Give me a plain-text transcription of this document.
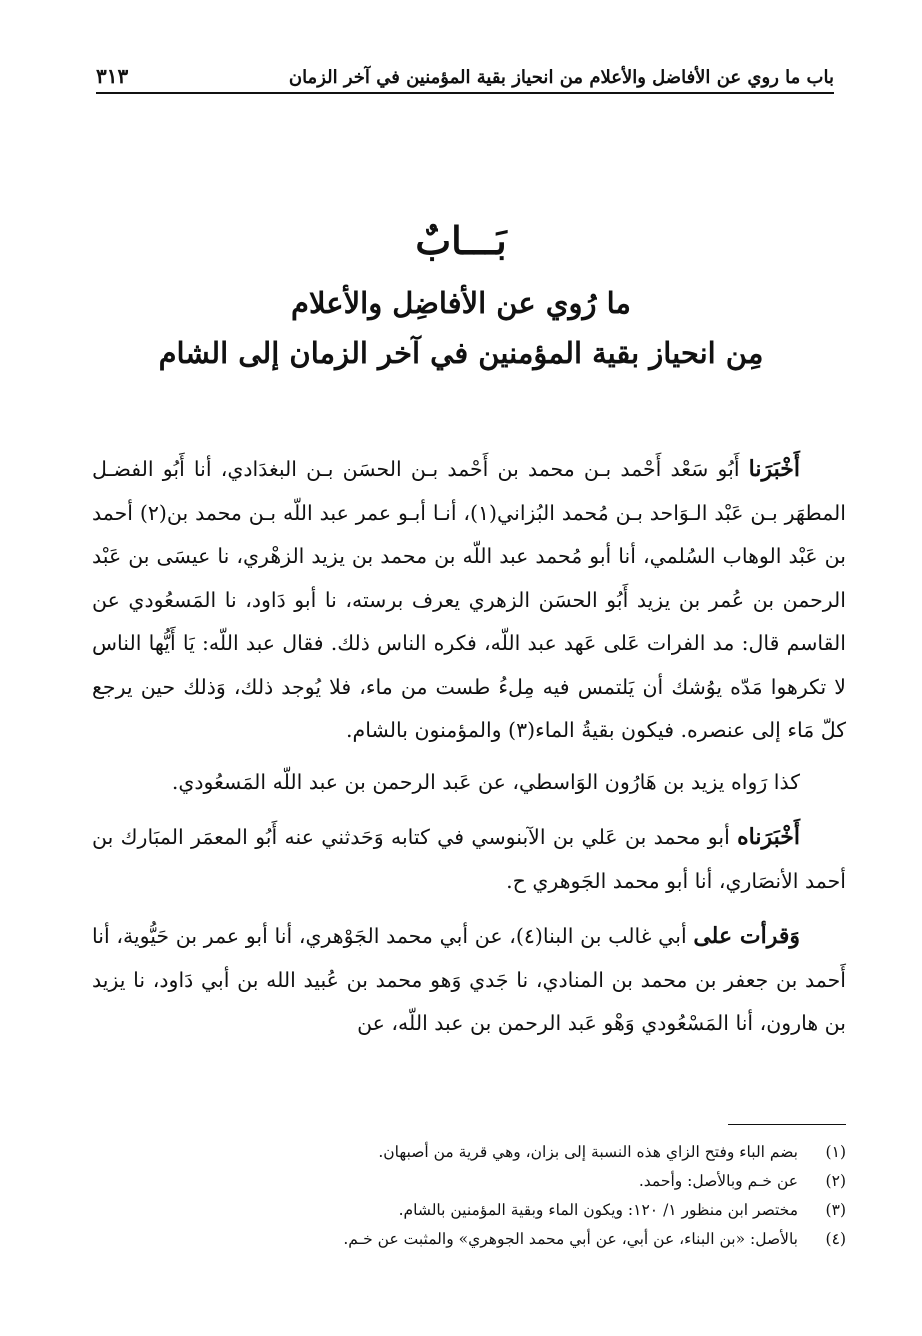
باب ما روي عن الأفاضل والأعلام من انحياز بقية المؤمنين في آخر الزمان
٣١٣
بَـــابٌ
ما رُوي عن الأفاضِل والأعلام
مِن انحياز بقية المؤمنين في آخر الزمان إلى الشام

أَخْبَرَنا أَبُو سَعْد أَحْمد بـن محمد بن أَحْمد بـن الحسَن بـن البغدَادي، أنا أَبُو الفضـل المطهَر بـن عَبْد الـوَاحد بـن مُحمد البُزاني(١)، أنـا أبـو عمر عبد اللّه بـن محمد بن(٢) أحمد بن عَبْد الوهاب السُلمي، أنا أبو مُحمد عبد اللّه بن محمد بن يزيد الزهْري، نا عيسَى بن عَبْد الرحمن بن عُمر بن يزيد أَبُو الحسَن الزهري يعرف برسته، نا أبو دَاود، نا المَسعُودي عن القاسم قال: مد الفرات عَلى عَهد عبد اللّه، فكره الناس ذلك. فقال عبد اللّه: يَا أَيُّها الناس لا تكرهوا مَدّه يوُشك أن يَلتمس فيه مِلءُ طست من ماء، فلا يُوجد ذلك، وَذلك حين يرجع كلّ مَاء إلى عنصره. فيكون بقيةُ الماء(٣) والمؤمنون بالشام.

كذا رَواه يزيد بن هَارُون الوَاسطي، عن عَبد الرحمن بن عبد اللّه المَسعُودي.

أَخْبَرَناه أبو محمد بن عَلي بن الآبنوسي في كتابه وَحَدثني عنه أَبُو المعمَر المبَارك بن أحمد الأنصَاري، أنا أبو محمد الجَوهري ح.

وَقرأت على أبي غالب بن البنا(٤)، عن أبي محمد الجَوْهري، أنا أبو عمر بن حَيُّوية، أنا أَحمد بن جعفر بن محمد بن المنادي، نا جَدي وَهو محمد بن عُبيد الله بن أبي دَاود، نا يزيد بن هارون، أنا المَسْعُودي وَهْو عَبد الرحمن بن عبد اللّه، عن

(١)
بضم الباء وفتح الزاي هذه النسبة إلى بزان، وهي قرية من أصبهان.
(٢)
عن خـم وبالأصل: وأحمد.
(٣)
مختصر ابن منظور ١/ ١٢٠: ويكون الماء وبقية المؤمنين بالشام.
(٤)
بالأصل: «بن البناء، عن أبي، عن أبي محمد الجوهري» والمثبت عن خـم.
